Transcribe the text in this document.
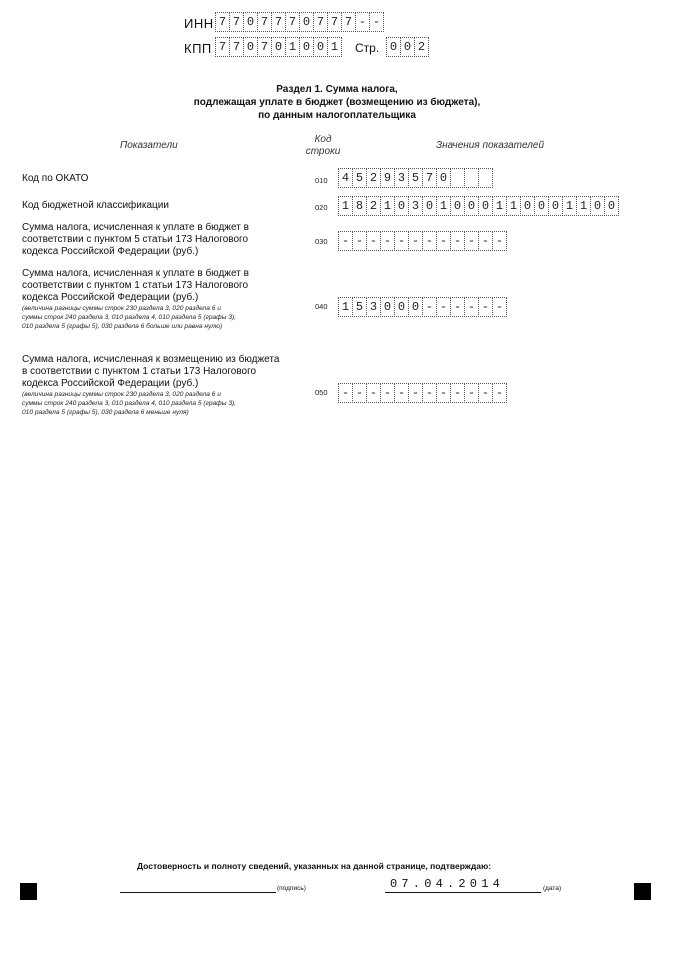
ИНН 7 7 0 7 7 7 0 7 7 7 - -
КПП 7 7 0 7 0 1 0 0 1	Стр. 0 0 2
Раздел 1. Сумма налога,
подлежащая уплате в бюджет (возмещению из бюджета),
по данным налогоплательщика
Показатели
Код
строки
Значения показателей
Код по ОКАТО	010	4 5 2 9 3 5 7 0
Код бюджетной классификации	020	1 8 2 1 0 3 0 1 0 0 0 1 1 0 0 0 1 1 0 0
Сумма налога, исчисленная к уплате в бюджет в
соответствии с пунктом 5 статьи 173 Налогового
кодекса Российской Федерации (руб.)
030	- - - - - - - - - - - -
Сумма налога, исчисленная к уплате в бюджет в
соответствии с пунктом 1 статьи 173 Налогового
кодекса Российской Федерации (руб.)
(величина разницы суммы строк 230 раздела 3, 020 раздела 6 и
суммы строк 240 раздела 3, 010 раздела 4, 010 раздела 5 (графы 3),
010 раздела 5 (графы 5), 030 раздела 6 больше или равна нулю)
040	1 5 3 0 0 0 - - - - - -
Сумма налога, исчисленная к возмещению из бюджета
в соответствии с пунктом 1 статьи 173 Налогового
кодекса Российской Федерации (руб.)
(величина разницы суммы строк 230 раздела 3, 020 раздела 6 и
суммы строк 240 раздела 3, 010 раздела 4, 010 раздела 5 (графы 3),
010 раздела 5 (графы 5), 030 раздела 6 меньше нуля)
050	- - - - - - - - - - - -
Достоверность и полноту сведений, указанных на данной странице, подтверждаю:
(подпись)	07.04.2014	(дата)
